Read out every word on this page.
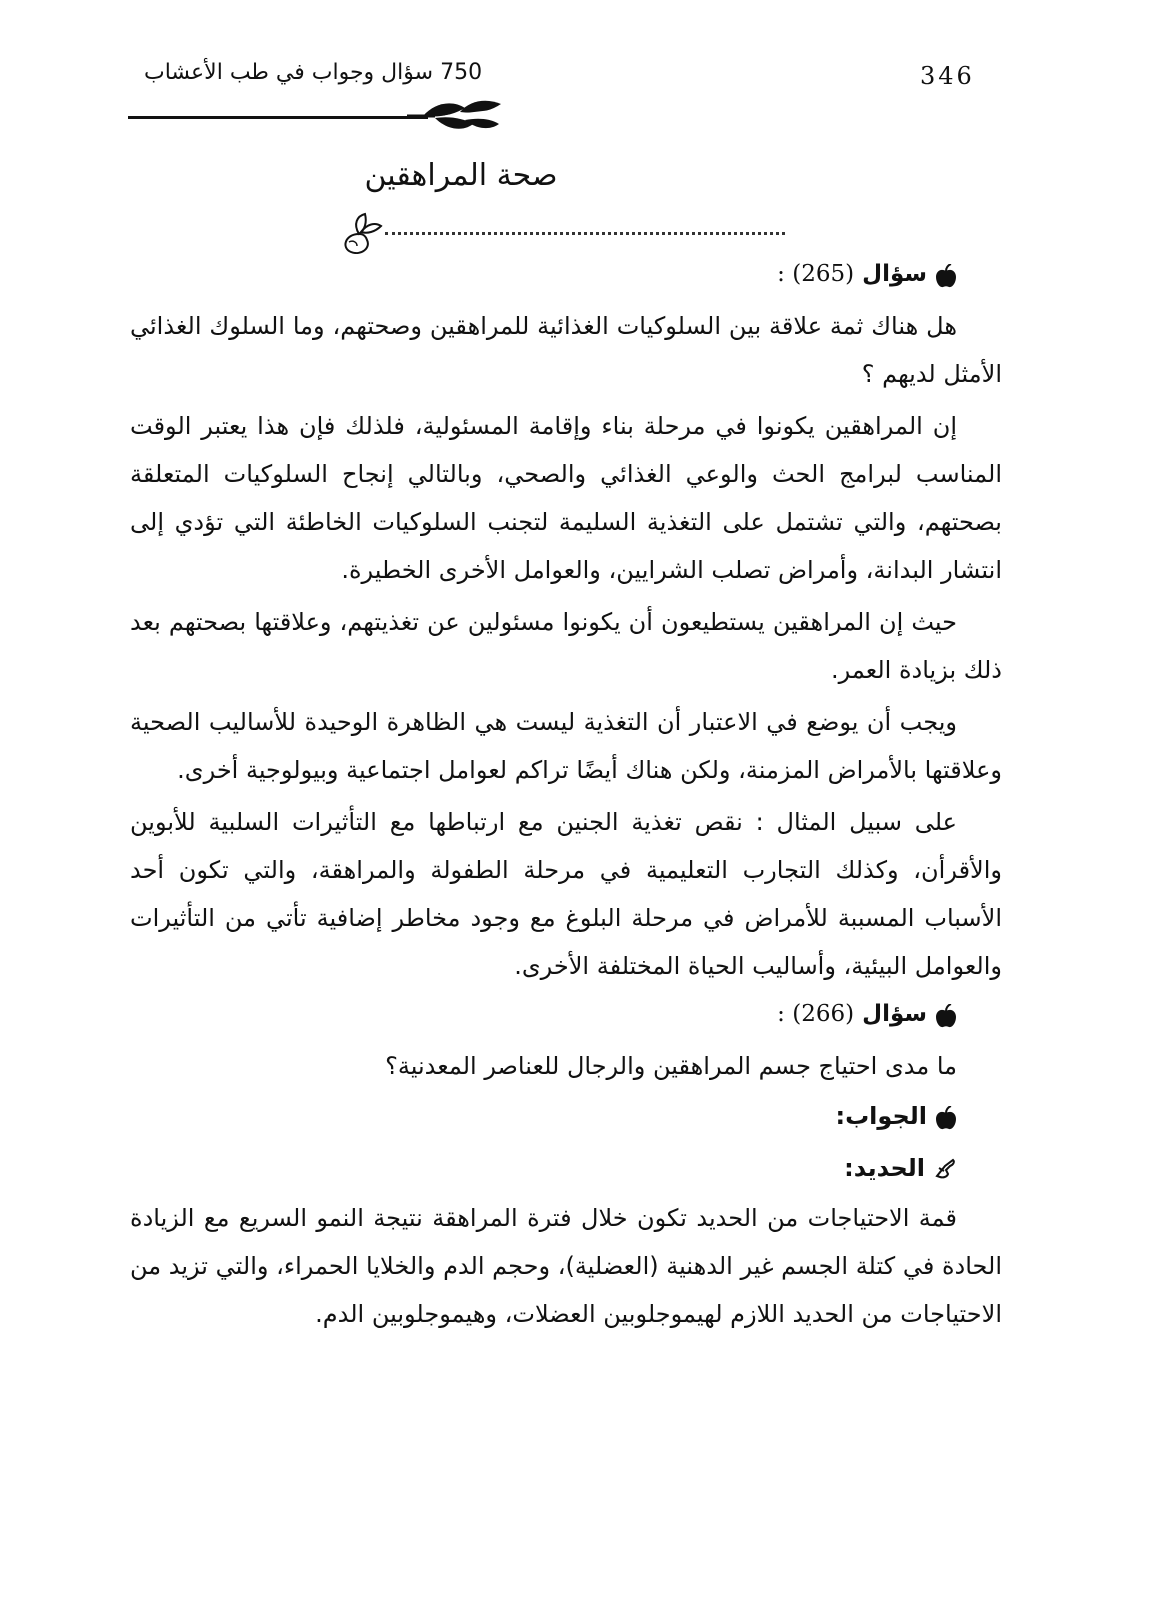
346
750 سؤال وجواب في طب الأعشاب
صحة المراهقين
سؤال
(265) :

هل هناك ثمة علاقة بين السلوكيات الغذائية للمراهقين وصحتهم، وما السلوك الغذائي الأمثل لديهم ؟

إن المراهقين يكونوا في مرحلة بناء وإقامة المسئولية، فلذلك فإن هذا يعتبر الوقت المناسب لبرامج الحث والوعي الغذائي والصحي، وبالتالي إنجاح السلوكيات المتعلقة بصحتهم، والتي تشتمل على التغذية السليمة لتجنب السلوكيات الخاطئة التي تؤدي إلى انتشار البدانة، وأمراض تصلب الشرايين، والعوامل الأخرى الخطيرة.

حيث إن المراهقين يستطيعون أن يكونوا مسئولين عن تغذيتهم، وعلاقتها بصحتهم بعد ذلك بزيادة العمر.

ويجب أن يوضع في الاعتبار أن التغذية ليست هي الظاهرة الوحيدة للأساليب الصحية وعلاقتها بالأمراض المزمنة، ولكن هناك أيضًا تراكم لعوامل اجتماعية وبيولوجية أخرى.

على سبيل المثال : نقص تغذية الجنين مع ارتباطها مع التأثيرات السلبية للأبوين والأقرأن، وكذلك التجارب التعليمية في مرحلة الطفولة والمراهقة، والتي تكون أحد الأسباب المسببة للأمراض في مرحلة البلوغ مع وجود مخاطر إضافية تأتي من التأثيرات والعوامل البيئية، وأساليب الحياة المختلفة الأخرى.

سؤال
(266) :

ما مدى احتياج جسم المراهقين والرجال للعناصر المعدنية؟

الجواب:
الحديد:

قمة الاحتياجات من الحديد تكون خلال فترة المراهقة نتيجة النمو السريع مع الزيادة الحادة في كتلة الجسم غير الدهنية (العضلية)، وحجم الدم والخلايا الحمراء، والتي تزيد من الاحتياجات من الحديد اللازم لهيموجلوبين العضلات، وهيموجلوبين الدم.
